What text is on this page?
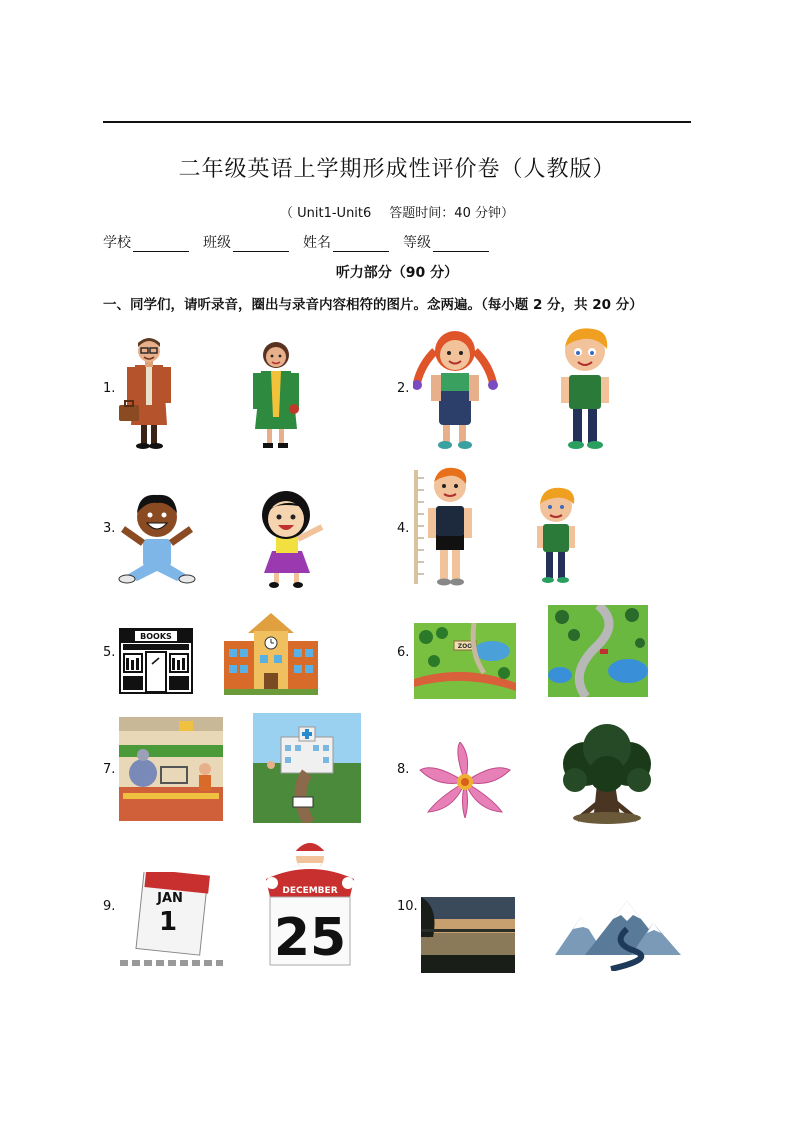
二年级英语上学期形成性评价卷（人教版）
（ Unit1-Unit6 答题时间：40 分钟）
学校	班级	姓名	等级
听力部分（90 分）
一、同学们，请听录音，圈出与录音内容相符的图片。念两遍。（每小题 2 分，共 20 分）
1.	2.
3.	4.
5.	6.
7.	8.
9.	10.
BOOKS
ZOO
JAN
1
DECEMBER
25
